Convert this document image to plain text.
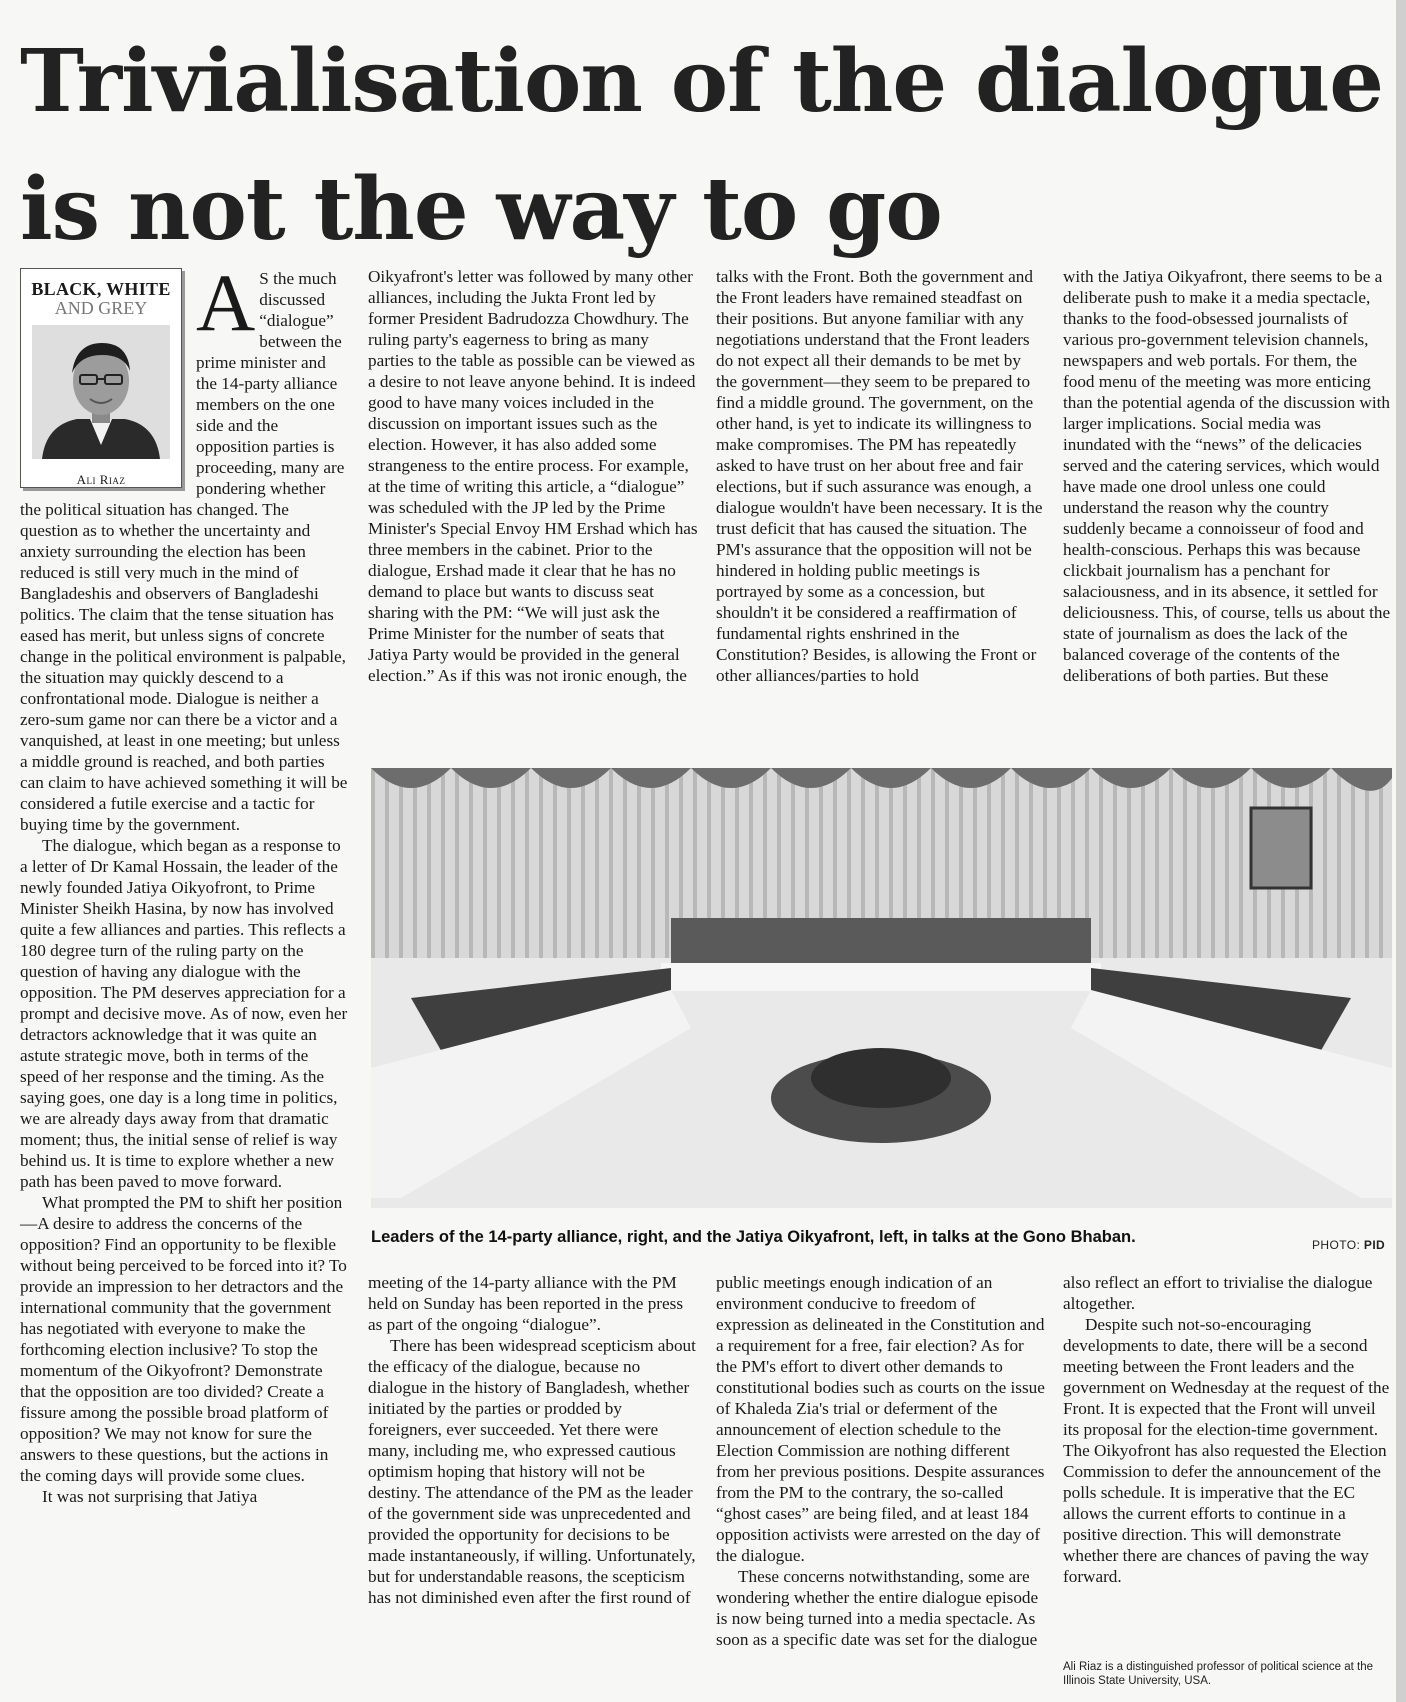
Trivialisation of the dialogue
is not the way to go
BLACK, WHITE
AND GREY
Ali Riaz
A S the much discussed “dialogue” between the prime minister and the 14-party alliance members on the one side and the opposition parties is proceeding, many are pondering whether the political situation has changed. The question as to whether the uncertainty and anxiety surrounding the election has been reduced is still very much in the mind of Bangladeshis and observers of Bangladeshi politics. The claim that the tense situation has eased has merit, but unless signs of concrete change in the political environment is palpable, the situation may quickly descend to a confrontational mode. Dialogue is neither a zero-sum game nor can there be a victor and a vanquished, at least in one meeting; but unless a middle ground is reached, and both parties can claim to have achieved something it will be considered a futile exercise and a tactic for buying time by the government.

The dialogue, which began as a response to a letter of Dr Kamal Hossain, the leader of the newly founded Jatiya Oikyofront, to Prime Minister Sheikh Hasina, by now has involved quite a few alliances and parties. This reflects a 180 degree turn of the ruling party on the question of having any dialogue with the opposition. The PM deserves appreciation for a prompt and decisive move. As of now, even her detractors acknowledge that it was quite an astute strategic move, both in terms of the speed of her response and the timing. As the saying goes, one day is a long time in politics, we are already days away from that dramatic moment; thus, the initial sense of relief is way behind us. It is time to explore whether a new path has been paved to move forward.

What prompted the PM to shift her position—A desire to address the concerns of the opposition? Find an opportunity to be flexible without being perceived to be forced into it? To provide an impression to her detractors and the international community that the government has negotiated with everyone to make the forthcoming election inclusive? To stop the momentum of the Oikyofront? Demonstrate that the opposition are too divided? Create a fissure among the possible broad platform of opposition? We may not know for sure the answers to these questions, but the actions in the coming days will provide some clues.

It was not surprising that Jatiya

Oikyafront's letter was followed by many other alliances, including the Jukta Front led by former President Badrudozza Chowdhury. The ruling party's eagerness to bring as many parties to the table as possible can be viewed as a desire to not leave anyone behind. It is indeed good to have many voices included in the discussion on important issues such as the election. However, it has also added some strangeness to the entire process. For example, at the time of writing this article, a “dialogue” was scheduled with the JP led by the Prime Minister's Special Envoy HM Ershad which has three members in the cabinet. Prior to the dialogue, Ershad made it clear that he has no demand to place but wants to discuss seat sharing with the PM: “We will just ask the Prime Minister for the number of seats that Jatiya Party would be provided in the general election.” As if this was not ironic enough, the

talks with the Front. Both the government and the Front leaders have remained steadfast on their positions. But anyone familiar with any negotiations understand that the Front leaders do not expect all their demands to be met by the government—they seem to be prepared to find a middle ground. The government, on the other hand, is yet to indicate its willingness to make compromises. The PM has repeatedly asked to have trust on her about free and fair elections, but if such assurance was enough, a dialogue wouldn't have been necessary. It is the trust deficit that has caused the situation. The PM's assurance that the opposition will not be hindered in holding public meetings is portrayed by some as a concession, but shouldn't it be considered a reaffirmation of fundamental rights enshrined in the Constitution? Besides, is allowing the Front or other alliances/parties to hold

with the Jatiya Oikyafront, there seems to be a deliberate push to make it a media spectacle, thanks to the food-obsessed journalists of various pro-government television channels, newspapers and web portals. For them, the food menu of the meeting was more enticing than the potential agenda of the discussion with larger implications. Social media was inundated with the “news” of the delicacies served and the catering services, which would have made one drool unless one could understand the reason why the country suddenly became a connoisseur of food and health-conscious. Perhaps this was because clickbait journalism has a penchant for salaciousness, and in its absence, it settled for deliciousness. This, of course, tells us about the state of journalism as does the lack of the balanced coverage of the contents of the deliberations of both parties. But these

Leaders of the 14-party alliance, right, and the Jatiya Oikyafront, left, in talks at the Gono Bhaban.	PHOTO: PID

meeting of the 14-party alliance with the PM held on Sunday has been reported in the press as part of the ongoing “dialogue”.

There has been widespread scepticism about the efficacy of the dialogue, because no dialogue in the history of Bangladesh, whether initiated by the parties or prodded by foreigners, ever succeeded. Yet there were many, including me, who expressed cautious optimism hoping that history will not be destiny. The attendance of the PM as the leader of the government side was unprecedented and provided the opportunity for decisions to be made instantaneously, if willing. Unfortunately, but for understandable reasons, the scepticism has not diminished even after the first round of

public meetings enough indication of an environment conducive to freedom of expression as delineated in the Constitution and a requirement for a free, fair election? As for the PM's effort to divert other demands to constitutional bodies such as courts on the issue of Khaleda Zia's trial or deferment of the announcement of election schedule to the Election Commission are nothing different from her previous positions. Despite assurances from the PM to the contrary, the so-called “ghost cases” are being filed, and at least 184 opposition activists were arrested on the day of the dialogue.

These concerns notwithstanding, some are wondering whether the entire dialogue episode is now being turned into a media spectacle. As soon as a specific date was set for the dialogue

also reflect an effort to trivialise the dialogue altogether.

Despite such not-so-encouraging developments to date, there will be a second meeting between the Front leaders and the government on Wednesday at the request of the Front. It is expected that the Front will unveil its proposal for the election-time government. The Oikyofront has also requested the Election Commission to defer the announcement of the polls schedule. It is imperative that the EC allows the current efforts to continue in a positive direction. This will demonstrate whether there are chances of paving the way forward.

Ali Riaz is a distinguished professor of political science at the Illinois State University, USA.
